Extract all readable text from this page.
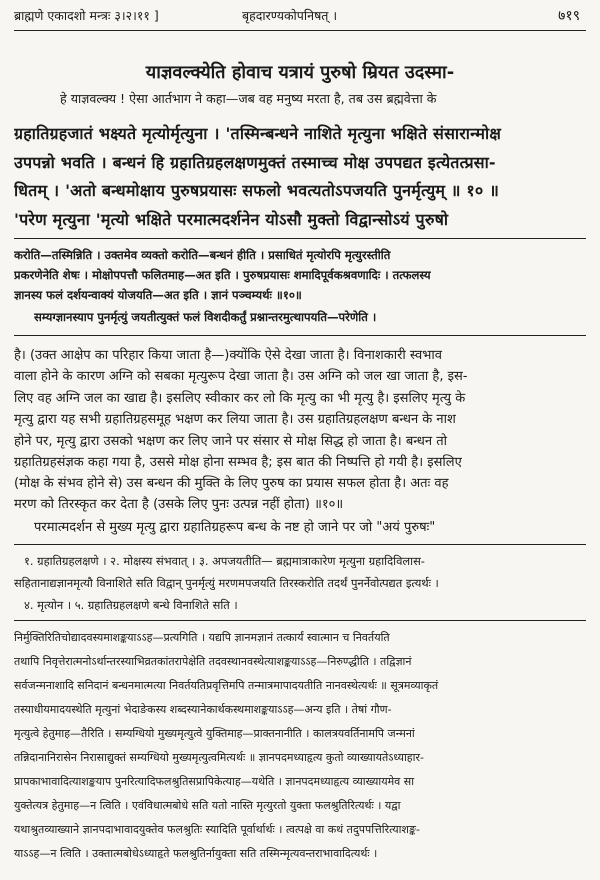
ब्राह्मणे एकादशो मन्त्रः ३।२।११ ]	बृहदारण्यकोपनिषत् ।	७१९
याज्ञवल्क्येति होवाच यत्रायं पुरुषो म्रियत उदस्मा-
हे याज्ञवल्क्य ! ऐसा आर्तभाग ने कहा—जब वह मनुष्य मरता है, तब उस ब्रह्मवेत्ता के
ग्रहातिग्रहजातं भक्ष्यते मृत्योर्मृत्युना । 'तस्मिन्बन्धने नाशिते मृत्युना भक्षिते संसारान्मोक्ष
उपपन्नो भवति । बन्धनं हि ग्रहातिग्रहलक्षणमुक्तं तस्माच्च मोक्ष उपपद्यत इत्येतत्प्रसा-
धितम् । 'अतो बन्धमोक्षाय पुरुषप्रयासः सफलो भवत्यतोऽपजयति पुनर्मृत्युम् ॥ १० ॥
'परेण मृत्युना 'मृत्यो भक्षिते परमात्मदर्शनेन योऽसौ मुक्तो विद्वान्सोऽयं पुरुषो
करोति—तस्मिन्निति । उक्तमेव व्यक्तो करोति—बन्धनं हीति । प्रसाधितं मृत्योरपि मृत्युरस्तीति
प्रकरणेनेति शेषः । मोक्षोपपत्तौ फलितमाह—अत इति । पुरुषप्रयासः शमादिपूर्वकश्रवणादिः । तत्फलस्य
ज्ञानस्य फलं दर्शयन्वाक्यं योजयति—अत इति । ज्ञानं पञ्चम्यर्थः ॥१०॥
सम्यग्ज्ञानस्याप पुनर्मृत्युं जयतीत्युक्तं फलं विशदीकर्तुं प्रश्नान्तरमुत्थापयति—परेणेति ।
है। (उक्त आक्षेप का परिहार किया जाता है—)क्योंकि ऐसे देखा जाता है। विनाशकारी स्वभाव
वाला होने के कारण अग्नि को सबका मृत्युरूप देखा जाता है। उस अग्नि को जल खा जाता है, इस-
लिए वह अग्नि जल का खाद्य है। इसलिए स्वीकार कर लो कि मृत्यु का भी मृत्यु है। इसलिए मृत्यु के
मृत्यु द्वारा यह सभी ग्रहातिग्रहसमूह भक्षण कर लिया जाता है। उस ग्रहातिग्रहलक्षण बन्धन के नाश
होने पर, मृत्यु द्वारा उसको भक्षण कर लिए जाने पर संसार से मोक्ष सिद्ध हो जाता है। बन्धन तो
ग्रहातिग्रहसंज्ञक कहा गया है, उससे मोक्ष होना सम्भव है; इस बात की निष्पत्ति हो गयी है। इसलिए
(मोक्ष के संभव होने से) उस बन्धन की मुक्ति के लिए पुरुष का प्रयास सफल होता है। अतः वह
मरण को तिरस्कृत कर देता है (उसके लिए पुनः उत्पन्न नहीं होता) ॥१०॥
परमात्मदर्शन से मुख्य मृत्यु द्वारा ग्रहातिग्रहरूप बन्ध के नष्ट हो जाने पर जो "अयं पुरुषः"
१. ग्रहातिग्रहलक्षणे । २. मोक्षस्य संभवात् । ३. अपजयतीति— ब्रह्ममात्राकारेण मृत्युना ग्रहादिविलास-
सहितानाद्यज्ञानमृत्यौ विनाशिते सति विद्वान् पुनर्मृत्युं मरणमपजयति तिरस्करोति तदर्थं पुनर्नेवोत्पद्यत इत्यर्थः ।
४. मृत्योन । ५. ग्रहातिग्रहलक्षणे बन्धे विनाशिते सति ।
निर्मुक्तिरितिचोद्यादवस्यमाशङ्कयाऽऽह—प्रत्यगिति । यद्यपि ज्ञानमज्ञानं तत्कार्यं स्वात्मान च निवर्तयति
तथापि निवृत्तेरात्मनोऽर्थान्तरस्याभिव्रतकांतरापेक्षेति तदवस्थानवस्थेत्याशङ्कयाऽऽह—निरुण्द्धीति । तद्विज्ञानं
सर्वजन्मनाशादि सनिदानं बन्धनमात्मत्या निवर्तयतिप्रवृत्तिमपि तन्मात्रमापादयतीति नानवस्थेत्यर्थः ॥ सूत्रमव्याकृतं
तस्याधीयमादयस्थेति मृत्युनां भेदाङेकस्य शब्दस्यानेकार्थकस्थमाशङ्कयाऽऽह—अन्य इति । तेषां गौण-
मृत्युत्वे हेतुमाह—तैरिति । सम्यग्धियो मुख्यमृत्युत्वे युक्तिमाह—प्राक्तनानीति । कालत्रयवर्तिनामपि जन्मनां
तन्निदानानिरासेन निरासाद्युक्तं सम्यग्धियो मुख्यमृत्युत्वमित्यर्थः ॥ ज्ञानपदमध्याहृत्य कुतो व्याख्यायतेऽध्याहार-
प्रापकाभावादित्याशङ्कयाप पुनरित्यादिफलश्रुतिसप्रापिकेत्याह—यथेति । ज्ञानपदमध्याहृत्य व्याख्यायमेव सा
युक्तेत्यत्र हेतुमाह—न त्विति । एवंविधात्मबोधे सति यतो नास्ति मृत्युरतो युक्ता फलश्रुतिरित्यर्थः । यद्वा
यथाश्रुतव्याख्याने ज्ञानपदाभावादयुक्तेव फलश्रुतिः स्यादिति पूर्वार्थार्थः । त्वत्पक्षे वा कथं तदुपपत्तिरित्याशङ्क-
याऽऽह—न त्विति । उक्तात्मबोधेऽध्याहृते फलश्रुतिर्नायुक्ता सति तस्मिन्मृत्यवन्तराभावादित्यर्थः ।
